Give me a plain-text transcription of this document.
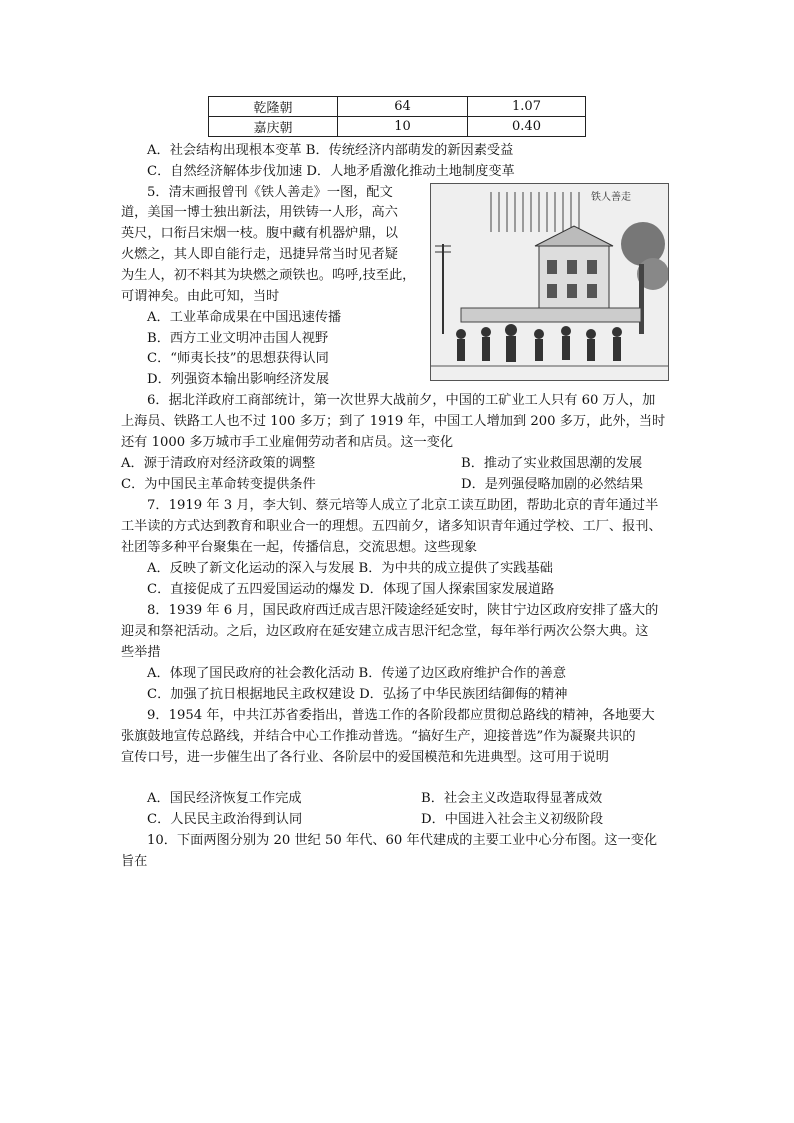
乾隆朝	64	1.07
嘉庆朝	10	0.40
A．社会结构出现根本变革 B．传统经济内部萌发的新因素受益
C．自然经济解体步伐加速 D．人地矛盾激化推动土地制度变革
5．清末画报曾刊《铁人善走》一图，配文
道，美国一博士独出新法，用铁铸一人形，高六
英尺，口衔吕宋烟一枝。腹中藏有机器炉鼎，以
火燃之，其人即自能行走，迅捷异常当时见者疑
为生人，初不料其为块燃之顽铁也。呜呼,技至此，
可谓神矣。由此可知，当时
A．工业革命成果在中国迅速传播
B．西方工业文明冲击国人视野
C．“师夷长技”的思想获得认同
D．列强资本输出影响经济发展
铁人善走
6．据北洋政府工商部统计，第一次世界大战前夕，中国的工矿业工人只有 60 万人，加
上海员、铁路工人也不过 100 多万；到了 1919 年，中国工人增加到 200 多万，此外，当时
还有 1000 多万城市手工业雇佣劳动者和店员。这一变化
A．源于清政府对经济政策的调整	B．推动了实业救国思潮的发展
C．为中国民主革命转变提供条件	D．是列强侵略加剧的必然结果
7．1919 年 3 月，李大钊、蔡元培等人成立了北京工读互助团，帮助北京的青年通过半
工半读的方式达到教育和职业合一的理想。五四前夕，诸多知识青年通过学校、工厂、报刊、
社团等多种平台聚集在一起，传播信息，交流思想。这些现象
A．反映了新文化运动的深入与发展 B．为中共的成立提供了实践基础
C．直接促成了五四爱国运动的爆发 D．体现了国人探索国家发展道路
8．1939 年 6 月，国民政府西迁成吉思汗陵途经延安时，陕甘宁边区政府安排了盛大的
迎灵和祭祀活动。之后，边区政府在延安建立成吉思汗纪念堂，每年举行两次公祭大典。这
些举措
A．体现了国民政府的社会教化活动 B．传递了边区政府维护合作的善意
C．加强了抗日根据地民主政权建设 D．弘扬了中华民族团结御侮的精神
9．1954 年，中共江苏省委指出，普选工作的各阶段都应贯彻总路线的精神，各地要大
张旗鼓地宣传总路线，并结合中心工作推动普选。“搞好生产，迎接普选”作为凝聚共识的
宣传口号，进一步催生出了各行业、各阶层中的爱国模范和先进典型。这可用于说明
A．国民经济恢复工作完成	B．社会主义改造取得显著成效
C．人民民主政治得到认同	D．中国进入社会主义初级阶段
10．下面两图分别为 20 世纪 50 年代、60 年代建成的主要工业中心分布图。这一变化
旨在
